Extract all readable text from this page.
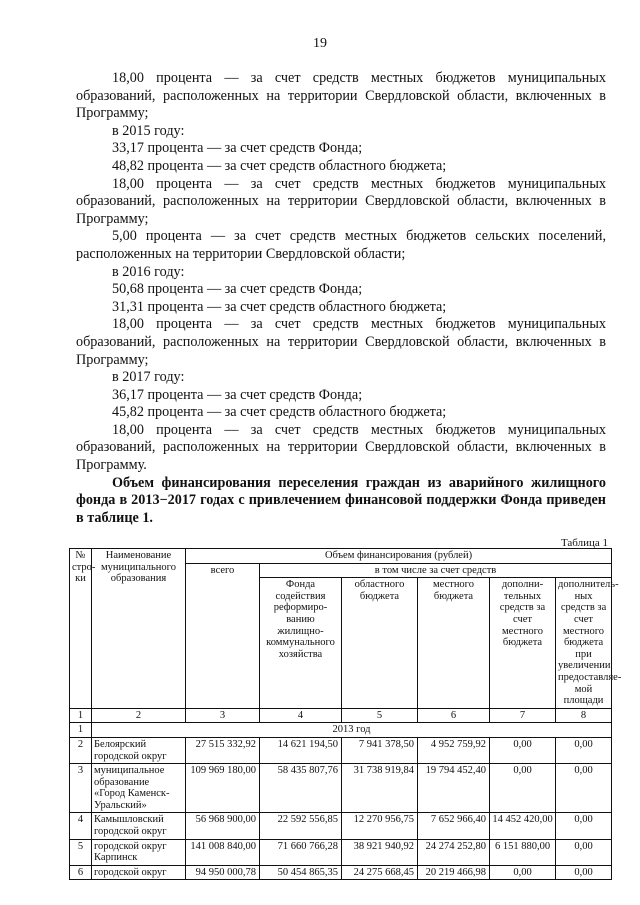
19

18,00 процента — за счет средств местных бюджетов муниципальных образований, расположенных на территории Свердловской области, включенных в Программу;

в 2015 году:

33,17 процента — за счет средств Фонда;

48,82 процента — за счет средств областного бюджета;

18,00 процента — за счет средств местных бюджетов муниципальных образований, расположенных на территории Свердловской области, включенных в Программу;

5,00 процента — за счет средств местных бюджетов сельских поселений, расположенных на территории Свердловской области;

в 2016 году:

50,68 процента — за счет средств Фонда;

31,31 процента — за счет средств областного бюджета;

18,00 процента — за счет средств местных бюджетов муниципальных образований, расположенных на территории Свердловской области, включенных в Программу;

в 2017 году:

36,17 процента — за счет средств Фонда;

45,82 процента — за счет средств областного бюджета;

18,00 процента — за счет средств местных бюджетов муниципальных образований, расположенных на территории Свердловской области, включенных в Программу.

Объем финансирования переселения граждан из аварийного жилищного фонда в 2013−2017 годах с привлечением финансовой поддержки Фонда приведен в таблице 1.

Таблица 1
№ стро-ки	Наименование муниципального образования	Объем финансирования (рублей)					
		всего	в том числе за счет средств				
			Фонда содействия реформиро-ванию жилищно-коммунального хозяйства	областного бюджета	местного бюджета	дополни-тельных средств за счет местного бюджета	дополнитель-ных средств за счет местного бюджета при увеличении предоставляе-мой площади
1	2	3	4	5	6	7	8
1	2013 год						
2	Белоярский городской округ	27 515 332,92	14 621 194,50	7 941 378,50	4 952 759,92	0,00	0,00
3	муниципальное образование «Город Каменск-Уральский»	109 969 180,00	58 435 807,76	31 738 919,84	19 794 452,40	0,00	0,00
4	Камышловский городской округ	56 968 900,00	22 592 556,85	12 270 956,75	7 652 966,40	14 452 420,00	0,00
5	городской округ Карпинск	141 008 840,00	71 660 766,28	38 921 940,92	24 274 252,80	6 151 880,00	0,00
6	городской округ	94 950 000,78	50 454 865,35	24 275 668,45	20 219 466,98	0,00	0,00
